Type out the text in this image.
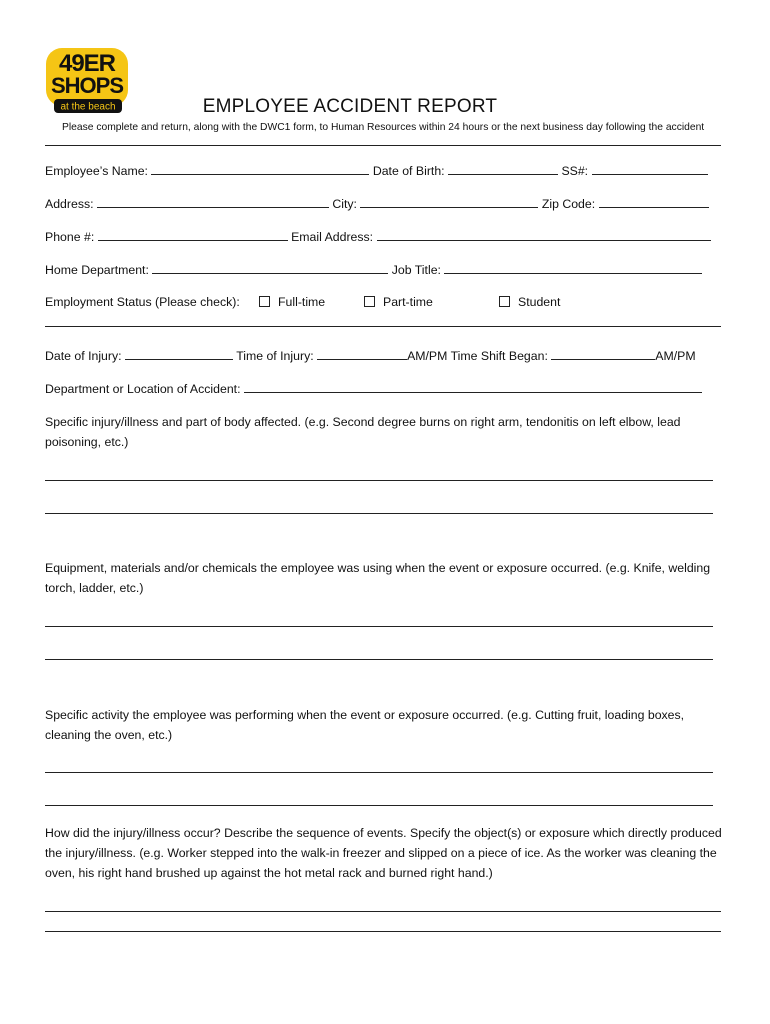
49ER
SHOPS
at the beach	EMPLOYEE ACCIDENT REPORT
Please complete and return, along with the DWC1 form, to Human Resources within 24 hours or the next business day following the accident
Employee’s Name:	Date of Birth:	SS#:
Address:	City:	Zip Code:
Phone #:	Email Address:
Home Department:	Job Title:
Employment Status (Please check):	Full-time	Part-time	Student
Date of Injury:	Time of Injury:	AM/PM Time Shift Began:	AM/PM
Department or Location of Accident:
Specific injury/illness and part of body affected. (e.g. Second degree burns on right arm, tendonitis on left elbow, lead poisoning, etc.)
Equipment, materials and/or chemicals the employee was using when the event or exposure occurred. (e.g. Knife, welding torch, ladder, etc.)
Specific activity the employee was performing when the event or exposure occurred. (e.g. Cutting fruit, loading boxes, cleaning the oven, etc.)
How did the injury/illness occur? Describe the sequence of events. Specify the object(s) or exposure which directly produced the injury/illness. (e.g. Worker stepped into the walk-in freezer and slipped on a piece of ice. As the worker was cleaning the oven, his right hand brushed up against the hot metal rack and burned right hand.)
